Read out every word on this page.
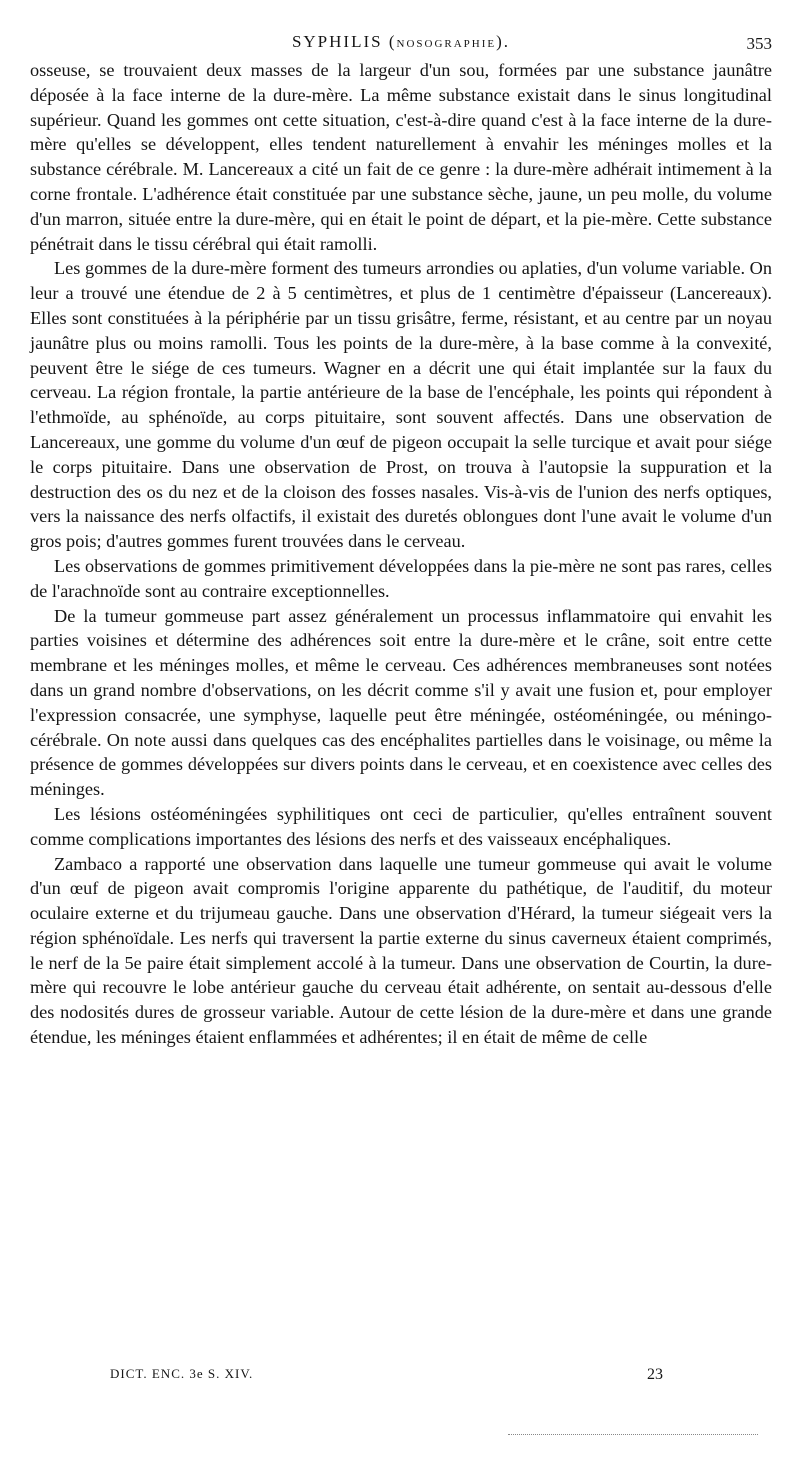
SYPHILIS (NOSOGRAPHIE).	353

osseuse, se trouvaient deux masses de la largeur d'un sou, formées par une substance jaunâtre déposée à la face interne de la dure-mère. La même substance existait dans le sinus longitudinal supérieur. Quand les gommes ont cette situation, c'est-à-dire quand c'est à la face interne de la dure-mère qu'elles se développent, elles tendent naturellement à envahir les méninges molles et la substance cérébrale. M. Lancereaux a cité un fait de ce genre : la dure-mère adhérait intimement à la corne frontale. L'adhérence était constituée par une substance sèche, jaune, un peu molle, du volume d'un marron, située entre la dure-mère, qui en était le point de départ, et la pie-mère. Cette substance pénétrait dans le tissu cérébral qui était ramolli.

Les gommes de la dure-mère forment des tumeurs arrondies ou aplaties, d'un volume variable. On leur a trouvé une étendue de 2 à 5 centimètres, et plus de 1 centimètre d'épaisseur (Lancereaux). Elles sont constituées à la périphérie par un tissu grisâtre, ferme, résistant, et au centre par un noyau jaunâtre plus ou moins ramolli. Tous les points de la dure-mère, à la base comme à la convexité, peuvent être le siége de ces tumeurs. Wagner en a décrit une qui était implantée sur la faux du cerveau. La région frontale, la partie antérieure de la base de l'encéphale, les points qui répondent à l'ethmoïde, au sphénoïde, au corps pituitaire, sont souvent affectés. Dans une observation de Lancereaux, une gomme du volume d'un œuf de pigeon occupait la selle turcique et avait pour siége le corps pituitaire. Dans une observation de Prost, on trouva à l'autopsie la suppuration et la destruction des os du nez et de la cloison des fosses nasales. Vis-à-vis de l'union des nerfs optiques, vers la naissance des nerfs olfactifs, il existait des duretés oblongues dont l'une avait le volume d'un gros pois; d'autres gommes furent trouvées dans le cerveau.

Les observations de gommes primitivement développées dans la pie-mère ne sont pas rares, celles de l'arachnoïde sont au contraire exceptionnelles.

De la tumeur gommeuse part assez généralement un processus inflammatoire qui envahit les parties voisines et détermine des adhérences soit entre la dure-mère et le crâne, soit entre cette membrane et les méninges molles, et même le cerveau. Ces adhérences membraneuses sont notées dans un grand nombre d'observations, on les décrit comme s'il y avait une fusion et, pour employer l'expression consacrée, une symphyse, laquelle peut être méningée, ostéoméningée, ou méningo-cérébrale. On note aussi dans quelques cas des encéphalites partielles dans le voisinage, ou même la présence de gommes développées sur divers points dans le cerveau, et en coexistence avec celles des méninges.

Les lésions ostéoméningées syphilitiques ont ceci de particulier, qu'elles entraînent souvent comme complications importantes des lésions des nerfs et des vaisseaux encéphaliques.

Zambaco a rapporté une observation dans laquelle une tumeur gommeuse qui avait le volume d'un œuf de pigeon avait compromis l'origine apparente du pathétique, de l'auditif, du moteur oculaire externe et du trijumeau gauche. Dans une observation d'Hérard, la tumeur siégeait vers la région sphénoïdale. Les nerfs qui traversent la partie externe du sinus caverneux étaient comprimés, le nerf de la 5e paire était simplement accolé à la tumeur. Dans une observation de Courtin, la dure-mère qui recouvre le lobe antérieur gauche du cerveau était adhérente, on sentait au-dessous d'elle des nodosités dures de grosseur variable. Autour de cette lésion de la dure-mère et dans une grande étendue, les méninges étaient enflammées et adhérentes; il en était de même de celle

DICT. ENC. 3e S. XIV.	23
